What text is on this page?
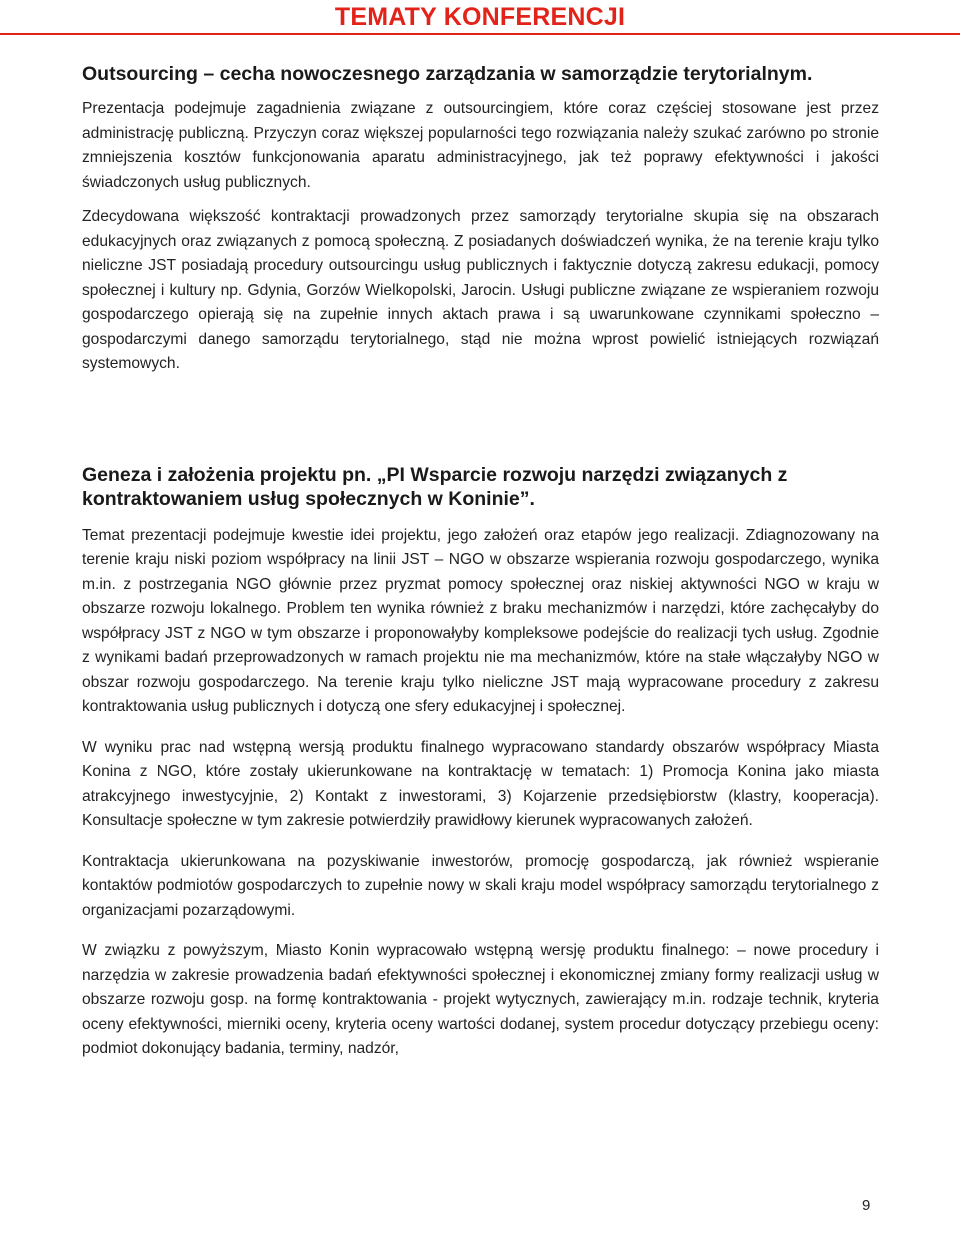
TEMATY KONFERENCJI
Outsourcing – cecha nowoczesnego zarządzania w samorządzie terytorialnym.

Prezentacja podejmuje zagadnienia związane z outsourcingiem, które coraz częściej stosowane jest przez administrację publiczną. Przyczyn coraz większej popularności tego rozwiązania należy szukać zarówno po stronie zmniejszenia kosztów funkcjonowania aparatu administracyjnego, jak też poprawy efektywności i jakości świadczonych usług publicznych.

Zdecydowana większość kontraktacji prowadzonych przez samorządy terytorialne skupia się na obszarach edukacyjnych oraz związanych z pomocą społeczną. Z posiadanych doświadczeń wynika, że na terenie kraju tylko nieliczne JST posiadają procedury outsourcingu usług publicznych i faktycznie dotyczą zakresu edukacji, pomocy społecznej i kultury np. Gdynia, Gorzów Wielkopolski, Jarocin. Usługi publiczne związane ze wspieraniem rozwoju gospodarczego opierają się na zupełnie innych aktach prawa i są uwarunkowane czynnikami społeczno – gospodarczymi danego samorządu terytorialnego, stąd nie można wprost powielić istniejących rozwiązań systemowych.

Geneza i założenia projektu pn. „PI Wsparcie rozwoju narzędzi związanych z kontraktowaniem usług społecznych w Koninie”.

Temat prezentacji podejmuje kwestie idei projektu, jego założeń oraz etapów jego realizacji. Zdiagnozowany na terenie kraju niski poziom współpracy na linii JST – NGO w obszarze wspierania rozwoju gospodarczego, wynika m.in. z postrzegania NGO głównie przez pryzmat pomocy społecznej oraz niskiej aktywności NGO w kraju w obszarze rozwoju lokalnego. Problem ten wynika również z braku mechanizmów i narzędzi, które zachęcałyby do współpracy JST z NGO w tym obszarze i proponowałyby kompleksowe podejście do realizacji tych usług. Zgodnie z wynikami badań przeprowadzonych w ramach projektu nie ma mechanizmów, które na stałe włączałyby NGO w obszar rozwoju gospodarczego. Na terenie kraju tylko nieliczne JST mają wypracowane procedury z zakresu kontraktowania usług publicznych i dotyczą one sfery edukacyjnej i społecznej.

W wyniku prac nad wstępną wersją produktu finalnego wypracowano standardy obszarów współpracy Miasta Konina z NGO, które zostały ukierunkowane na kontraktację w tematach: 1) Promocja Konina jako miasta atrakcyjnego inwestycyjnie, 2) Kontakt z inwestorami, 3) Kojarzenie przedsiębiorstw (klastry, kooperacja). Konsultacje społeczne w tym zakresie potwierdziły prawidłowy kierunek wypracowanych założeń.

Kontraktacja ukierunkowana na pozyskiwanie inwestorów, promocję gospodarczą, jak również wspieranie kontaktów podmiotów gospodarczych to zupełnie nowy w skali kraju model współpracy samorządu terytorialnego z organizacjami pozarządowymi.

W związku z powyższym, Miasto Konin wypracowało wstępną wersję produktu finalnego: – nowe procedury i narzędzia w zakresie prowadzenia badań efektywności społecznej i ekonomicznej zmiany formy realizacji usług w obszarze rozwoju gosp. na formę kontraktowania - projekt wytycznych, zawierający m.in. rodzaje technik, kryteria oceny efektywności, mierniki oceny, kryteria oceny wartości dodanej, system procedur dotyczący przebiegu oceny: podmiot dokonujący badania, terminy, nadzór,

9
